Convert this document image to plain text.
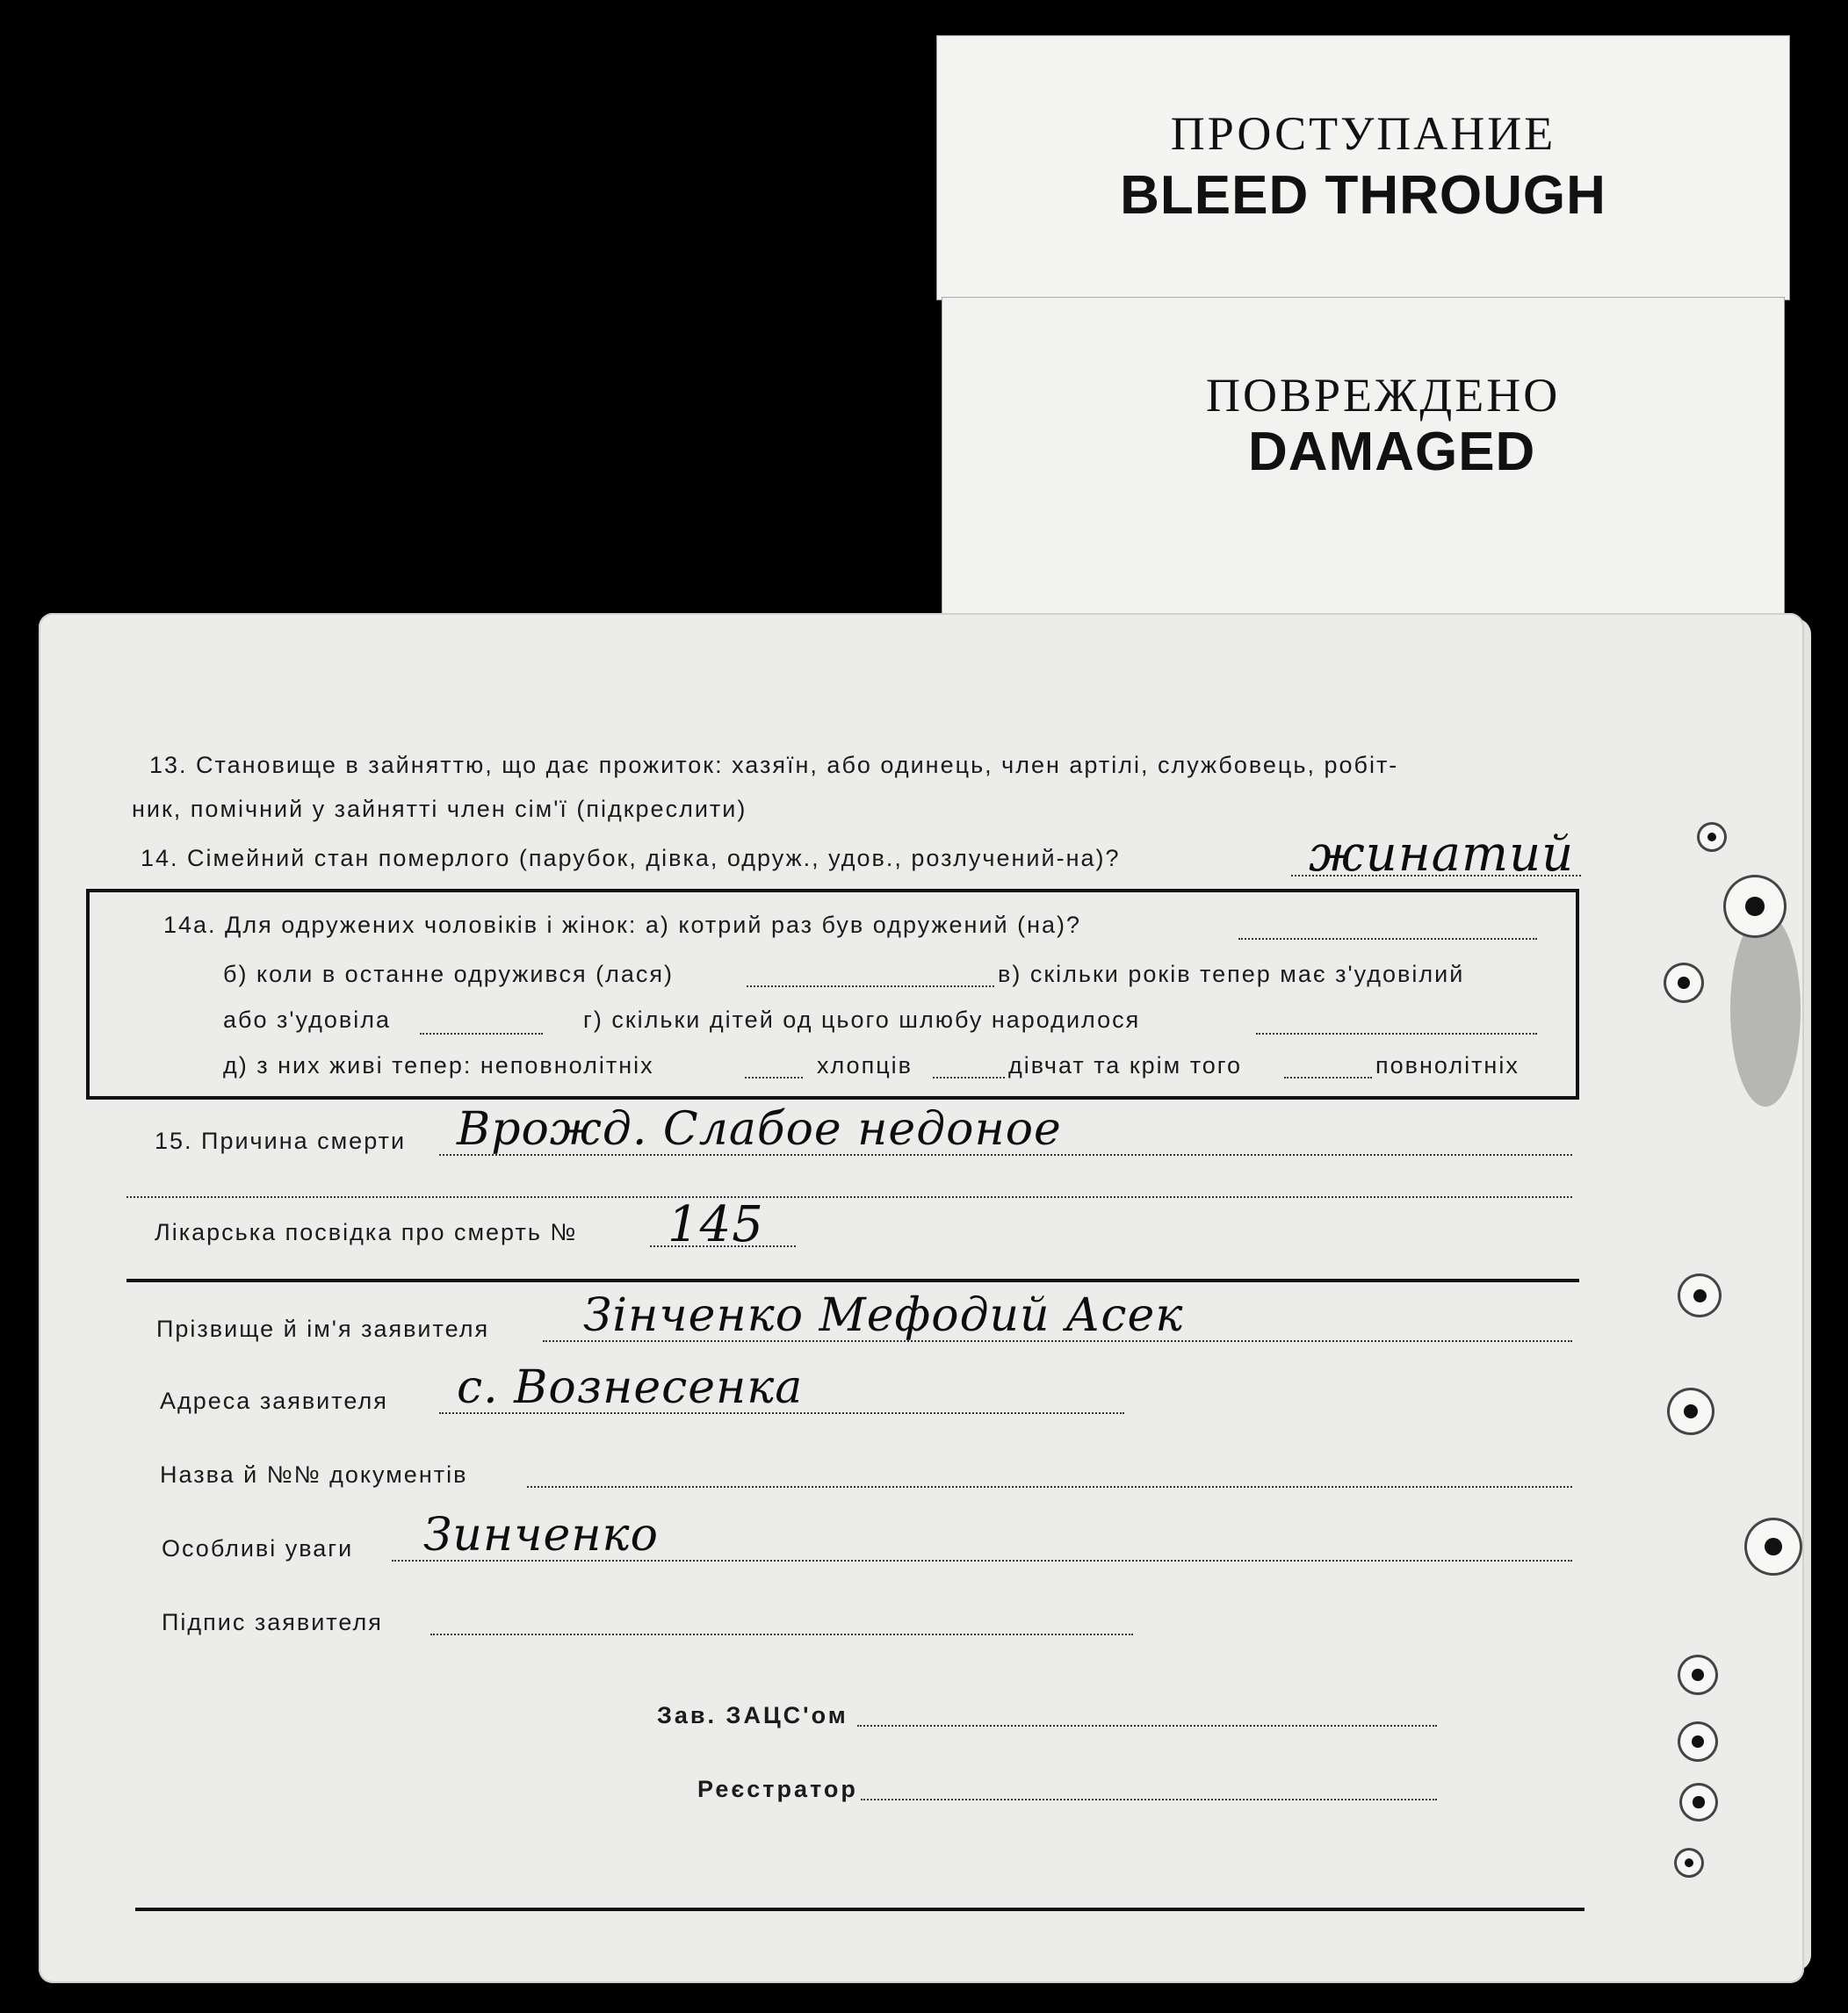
ПРОСТУПАНИЕ
BLEED THROUGH
ПОВРЕЖДЕНО
DAMAGED
13. Становище в зайняттю, що дає прожиток: хазяїн, або одинець, член артілі, службовець, робіт-
ник, помічний у зайнятті член сім'ї (підкреслити)
14. Сімейний стан померлого (парубок, дівка, одруж., удов., розлучений-на)?	жинатий
14а. Для одружених чоловіків і жінок: а) котрий раз був одружений (на)?
б) коли в останне одружився (лася)	в) скільки років тепер має з'удовілий
або з'удовіла	г) скільки дітей од цього шлюбу народилося
д) з них живі тепер: неповнолітніх	хлопців	дівчат та крім того	повнолітніх
15. Причина смерти Врожд. Слабое недоное
Лікарська посвідка про смерть № 145
Прізвище й ім'я заявителя Зінченко Мефодий Асек
Адреса заявителя с. Вознесенка
Назва й №№ документів
Особливі уваги Зинченко
Підпис заявителя
Зав. ЗАЦС'ом
Реєстратор
